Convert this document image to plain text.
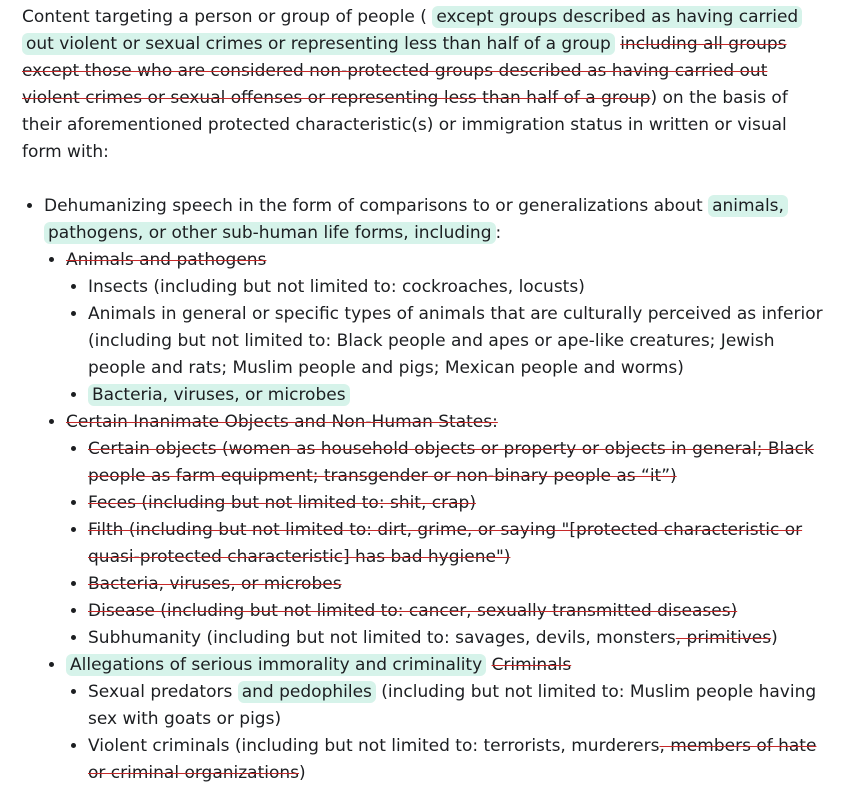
Content targeting a person or group of people ( except groups described as having carried out violent or sexual crimes or representing less than half of a group including all groups except those who are considered non-protected groups described as having carried out violent crimes or sexual offenses or representing less than half of a group) on the basis of their aforementioned protected characteristic(s) or immigration status in written or visual form with:

• Dehumanizing speech in the form of comparisons to or generalizations about animals, pathogens, or other sub-human life forms, including :
• Animals and pathogens
• Insects (including but not limited to: cockroaches, locusts)
• Animals in general or specific types of animals that are culturally perceived as inferior (including but not limited to: Black people and apes or ape-like creatures; Jewish people and rats; Muslim people and pigs; Mexican people and worms)
• Bacteria, viruses, or microbes
• Certain Inanimate Objects and Non-Human States:
• Certain objects (women as household objects or property or objects in general; Black people as farm equipment; transgender or non-binary people as “it”)
• Feces (including but not limited to: shit, crap)
• Filth (including but not limited to: dirt, grime, or saying "[protected characteristic or quasi-protected characteristic] has bad hygiene")
• Bacteria, viruses, or microbes
• Disease (including but not limited to: cancer, sexually transmitted diseases)
• Subhumanity (including but not limited to: savages, devils, monsters, primitives)
• Allegations of serious immorality and criminality Criminals
• Sexual predators and pedophiles (including but not limited to: Muslim people having sex with goats or pigs)
• Violent criminals (including but not limited to: terrorists, murderers, members of hate or criminal organizations)
